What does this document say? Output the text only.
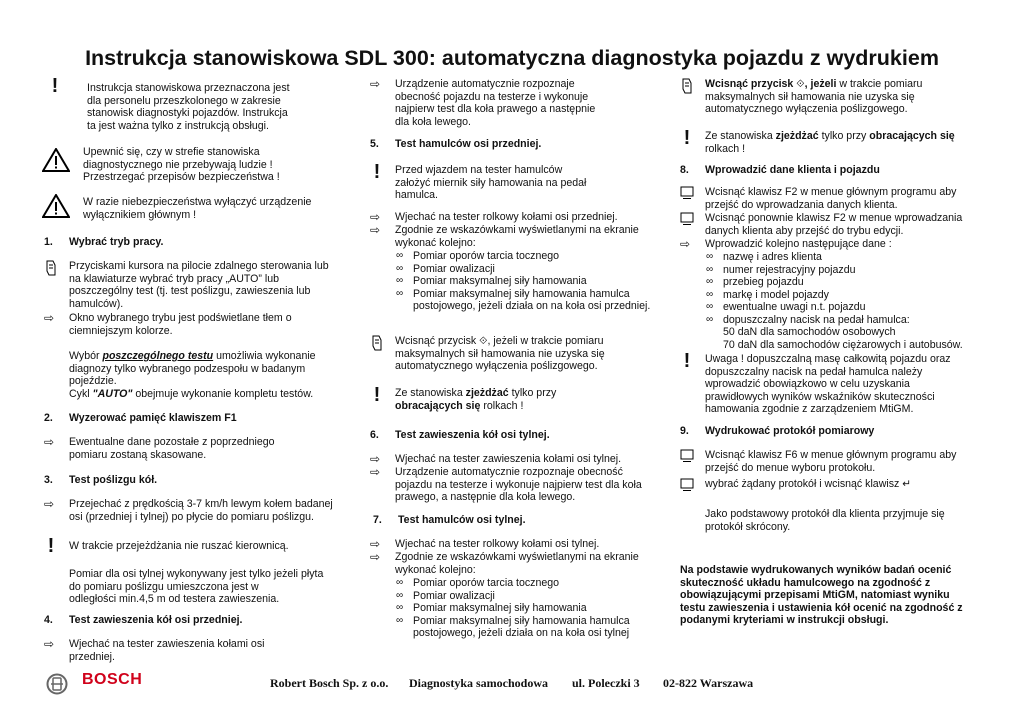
Instrukcja stanowiskowa SDL 300: automatyczna diagnostyka pojazdu z wydrukiem
!	Instrukcja stanowiskowa przeznaczona jest
dla personelu przeszkolonego w zakresie
stanowisk diagnostyki pojazdów. Instrukcja
ta jest ważna tylko z instrukcją obsługi.
Upewnić się, czy w strefie stanowiska
diagnostycznego nie przebywają ludzie !
Przestrzegać przepisów bezpieczeństwa !
W razie niebezpieczeństwa wyłączyć urządzenie
wyłącznikiem głównym !
1. Wybrać tryb pracy.
Przyciskami kursora na pilocie zdalnego sterowania lub
na klawiaturze wybrać tryb pracy „AUTO” lub
poszczególny test (tj. test poślizgu, zawieszenia lub
hamulców).
⇨	Okno wybranego trybu jest podświetlane tłem o
ciemniejszym kolorze.
Wybór poszczególnego testu umożliwia wykonanie
diagnozy tylko wybranego podzespołu w badanym
pojeździe.
Cykl "AUTO" obejmuje wykonanie kompletu testów.
2. Wyzerować pamięć klawiszem F1
⇨	Ewentualne dane pozostałe z poprzedniego
pomiaru zostaną skasowane.
3. Test poślizgu kół.
⇨	Przejechać z prędkością 3-7 km/h lewym kołem badanej
osi (przedniej i tylnej) po płycie do pomiaru poślizgu.
!	W trakcie przejeżdżania nie ruszać kierownicą.
Pomiar dla osi tylnej wykonywany jest tylko jeżeli płyta
do pomiaru poślizgu umieszczona jest w
odległości min.4,5 m od testera zawieszenia.
4. Test zawieszenia kół osi przedniej.
⇨	Wjechać na tester zawieszenia kołami osi
przedniej.
⇨	Urządzenie automatycznie rozpoznaje
obecność pojazdu na testerze i wykonuje
najpierw test dla koła prawego a następnie
dla koła lewego.
5. Test hamulców osi przedniej.
!	Przed wjazdem na tester hamulców
założyć miernik siły hamowania na pedał
hamulca.
⇨	Wjechać na tester rolkowy kołami osi przedniej.
⇨	Zgodnie ze wskazówkami wyświetlanymi na ekranie
wykonać kolejno:
∞ Pomiar oporów tarcia tocznego
∞ Pomiar owalizacji
∞ Pomiar maksymalnej siły hamowania
∞ Pomiar maksymalnej siły hamowania hamulca postojowego, jeżeli działa on na koła osi przedniej.
Wcisnąć przycisk ⟐, jeżeli w trakcie pomiaru
maksymalnych sił hamowania nie uzyska się
automatycznego wyłączenia poślizgowego.
!	Ze stanowiska zjeżdżać tylko przy
obracających się rolkach !
6. Test zawieszenia kół osi tylnej.
⇨	Wjechać na tester zawieszenia kołami osi tylnej.
⇨	Urządzenie automatycznie rozpoznaje obecność
pojazdu na testerze i wykonuje najpierw test dla koła
prawego, a następnie dla koła lewego.
7. Test hamulców osi tylnej.
⇨	Wjechać na tester rolkowy kołami osi tylnej.
⇨	Zgodnie ze wskazówkami wyświetlanymi na ekranie
wykonać kolejno:
∞ Pomiar oporów tarcia tocznego
∞ Pomiar owalizacji
∞ Pomiar maksymalnej siły hamowania
∞ Pomiar maksymalnej siły hamowania hamulca postojowego, jeżeli działa on na koła osi tylnej
Wcisnąć przycisk ⟐, jeżeli w trakcie pomiaru
maksymalnych sił hamowania nie uzyska się
automatycznego wyłączenia poślizgowego.
!	Ze stanowiska zjeżdżać tylko przy obracających się
rolkach !
8. Wprowadzić dane klienta i pojazdu
Wcisnąć klawisz F2 w menue głównym programu aby
przejść do wprowadzania danych klienta.
Wcisnąć ponownie klawisz F2 w menue wprowadzania
danych klienta aby przejść do trybu edycji.
⇨	Wprowadzić kolejno następujące dane :
∞ nazwę i adres klienta
∞ numer rejestracyjny pojazdu
∞ przebieg pojazdu
∞ markę i model pojazdy
∞ ewentualne uwagi n.t. pojazdu
∞ dopuszczalny nacisk na pedał hamulca:
50 daN dla samochodów osobowych
70 daN dla samochodów ciężarowych i autobusów.
!	Uwaga ! dopuszczalną masę całkowitą pojazdu oraz
dopuszczalny nacisk na pedał hamulca należy
wprowadzić obowiązkowo w celu uzyskania
prawidłowych wyników wskaźników skuteczności
hamowania zgodnie z zarządzeniem MtiGM.
9. Wydrukować protokół pomiarowy
Wcisnąć klawisz F6 w menue głównym programu aby
przejść do menue wyboru protokołu.
wybrać żądany protokół i wcisnąć klawisz ↵
Jako podstawowy protokół dla klienta przyjmuje się
protokół skrócony.
Na podstawie wydrukowanych wyników badań ocenić
skuteczność układu hamulcowego na zgodność z
obowiązującymi przepisami MtiGM, natomiast wyniku
testu zawieszenia i ustawienia kół ocenić na zgodność z
podanymi kryteriami w instrukcji obsługi.
BOSCH	Robert Bosch Sp. z o.o. Diagnostyka samochodowa ul. Poleczki 3 02-822 Warszawa
